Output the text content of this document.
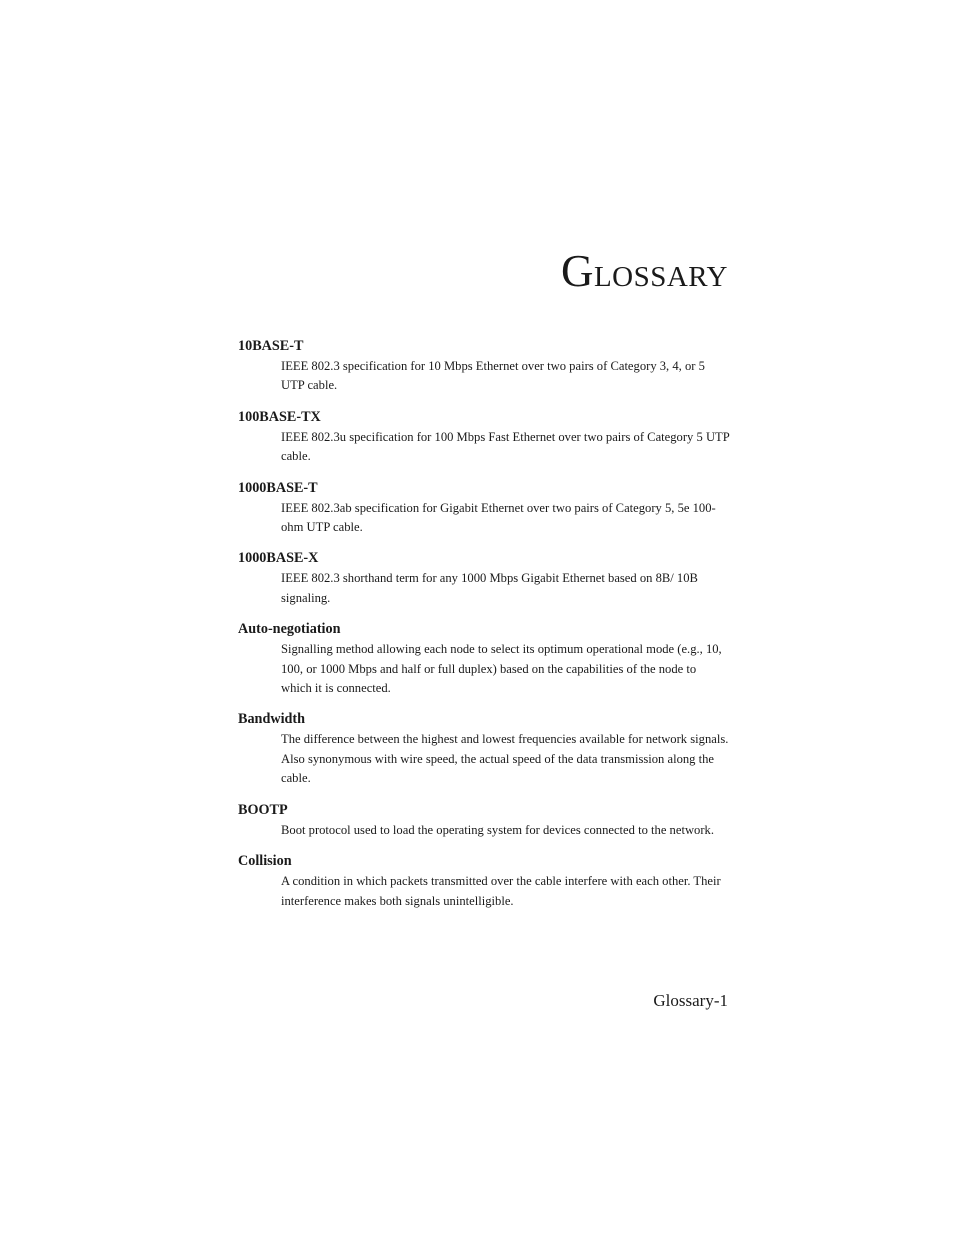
GLOSSARY
10BASE-T
IEEE 802.3 specification for 10 Mbps Ethernet over two pairs of Category 3, 4, or 5 UTP cable.
100BASE-TX
IEEE 802.3u specification for 100 Mbps Fast Ethernet over two pairs of Category 5 UTP cable.
1000BASE-T
IEEE 802.3ab specification for Gigabit Ethernet over two pairs of Category 5, 5e 100-ohm UTP cable.
1000BASE-X
IEEE 802.3 shorthand term for any 1000 Mbps Gigabit Ethernet based on 8B/ 10B signaling.
Auto-negotiation
Signalling method allowing each node to select its optimum operational mode (e.g., 10, 100, or 1000 Mbps and half or full duplex) based on the capabilities of the node to which it is connected.
Bandwidth
The difference between the highest and lowest frequencies available for network signals. Also synonymous with wire speed, the actual speed of the data transmission along the cable.
BOOTP
Boot protocol used to load the operating system for devices connected to the network.
Collision
A condition in which packets transmitted over the cable interfere with each other. Their interference makes both signals unintelligible.
Glossary-1
